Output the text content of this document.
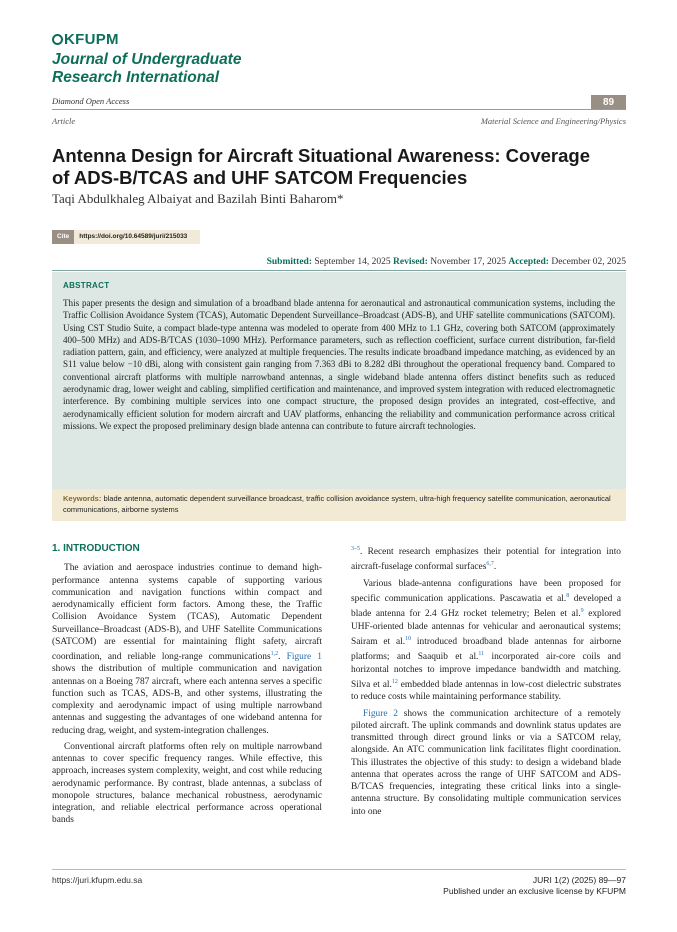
KFUPM
Journal of Undergraduate
Research International
Diamond Open Access	89
Article	Material Science and Engineering/Physics
Antenna Design for Aircraft Situational Awareness: Coverage of ADS-B/TCAS and UHF SATCOM Frequencies
Taqi Abdulkhaleg Albaiyat and Bazilah Binti Baharom*
Cite https://doi.org/10.64589/juri/215033
Submitted: September 14, 2025 Revised: November 17, 2025 Accepted: December 02, 2025
ABSTRACT
This paper presents the design and simulation of a broadband blade antenna for aeronautical and astronautical communication systems, including the Traffic Collision Avoidance System (TCAS), Automatic Dependent Surveillance–Broadcast (ADS-B), and UHF satellite communications (SATCOM). Using CST Studio Suite, a compact blade-type antenna was modeled to operate from 400 MHz to 1.1 GHz, covering both SATCOM (approximately 400–500 MHz) and ADS-B/TCAS (1030–1090 MHz). Performance parameters, such as reflection coefficient, surface current distribution, far-field radiation pattern, gain, and efficiency, were analyzed at multiple frequencies. The results indicate broadband impedance matching, as evidenced by an S11 value below −10 dBi, along with consistent gain ranging from 7.363 dBi to 8.282 dBi throughout the operational frequency band. Compared to conventional aircraft platforms with multiple narrowband antennas, a single wideband blade antenna offers distinct benefits such as reduced aerodynamic drag, lower weight and cabling, simplified certification and maintenance, and improved system integration with reduced electromagnetic interference. By combining multiple services into one compact structure, the proposed design provides an integrated, cost-effective, and aerodynamically efficient solution for modern aircraft and UAV platforms, enhancing the reliability and communication performance across critical missions. We expect the proposed preliminary design blade antenna can contribute to future aircraft technologies.
Keywords: blade antenna, automatic dependent surveillance broadcast, traffic collision avoidance system, ultra-high frequency satellite communication, aeronautical communications, airborne systems

1. INTRODUCTION

The aviation and aerospace industries continue to demand high-performance antenna systems capable of supporting various communication and navigation functions within compact and aerodynamically efficient form factors. Among these, the Traffic Collision Avoidance System (TCAS), Automatic Dependent Surveillance–Broadcast (ADS-B), and UHF Satellite Communications (SATCOM) are essential for maintaining flight safety, aircraft coordination, and reliable long-range communications$^{1,2}$. Figure 1 shows the distribution of multiple communication and navigation antennas on a Boeing 787 aircraft, where each antenna serves a specific function such as TCAS, ADS-B, and other systems, illustrating the complexity and aerodynamic impact of using multiple narrowband antennas and suggesting the advantages of one wideband antenna for reducing drag, weight, and system-integration challenges.

Conventional aircraft platforms often rely on multiple narrowband antennas to cover specific frequency ranges. While effective, this approach, increases system complexity, weight, and cost while reducing aerodynamic performance. By contrast, blade antennas, a subclass of monopole structures, balance mechanical robustness, aerodynamic integration, and reliable electrical performance across operational bands

$^{3-5}$. Recent research emphasizes their potential for integration into aircraft-fuselage conformal surfaces$^{6,7}$.

Various blade-antenna configurations have been proposed for specific communication applications. Pascawatia et al.$^8$ developed a blade antenna for 2.4 GHz rocket telemetry; Belen et al.$^9$ explored UHF-oriented blade antennas for vehicular and aeronautical systems; Sairam et al.$^{10}$ introduced broadband blade antennas for airborne platforms; and Saaquib et al.$^{11}$ incorporated air-core coils and horizontal notches to improve impedance bandwidth and matching. Silva et al.$^{12}$ embedded blade antennas in low-cost dielectric substrates to reduce costs while maintaining performance stability.

Figure 2 shows the communication architecture of a remotely piloted aircraft. The uplink commands and downlink status updates are transmitted through direct ground links or via a SATCOM relay, alongside. An ATC communication link facilitates flight coordination. This illustrates the objective of this study: to design a wideband blade antenna that operates across the range of UHF SATCOM and ADS-B/TCAS frequencies, integrating these critical links into a single-antenna structure. By consolidating multiple communication services into one

https://juri.kfupm.edu.sa	JURI 1(2) (2025) 89—97
Published under an exclusive license by KFUPM
